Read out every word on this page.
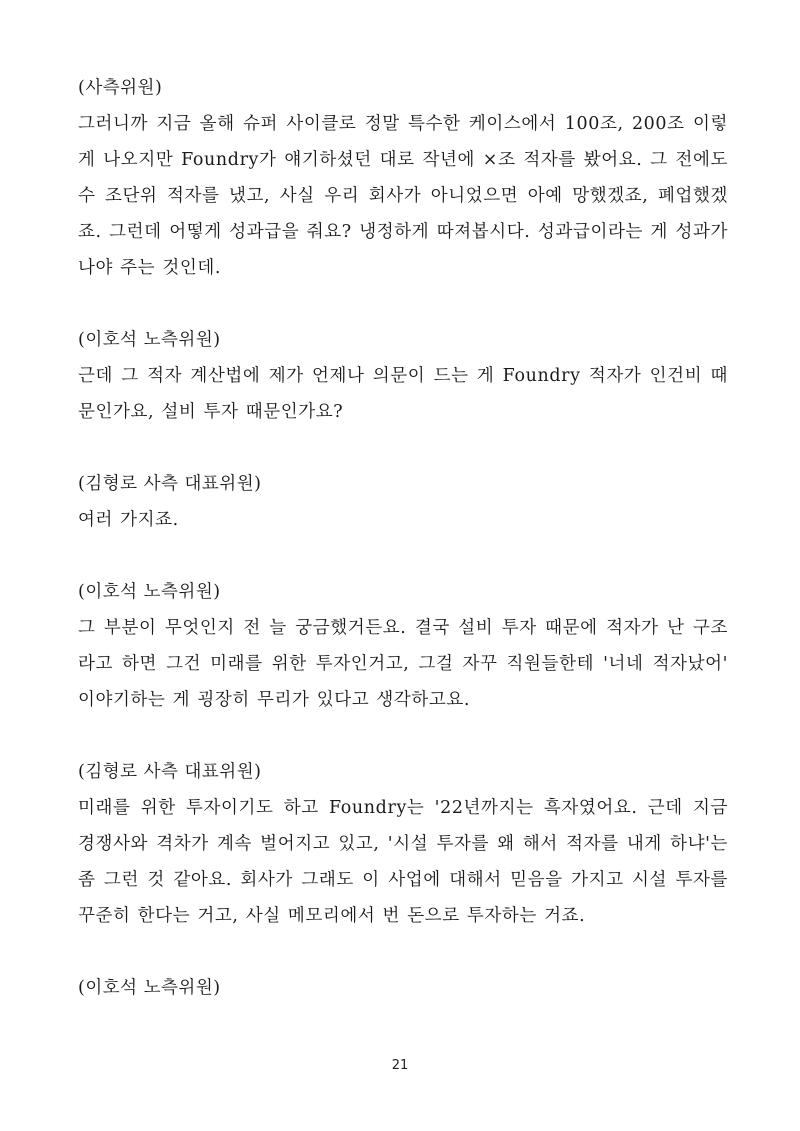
(사측위원)

그러니까 지금 올해 슈퍼 사이클로 정말 특수한 케이스에서 100조, 200조 이렇게 나오지만 Foundry가 얘기하셨던 대로 작년에 ×조 적자를 봤어요. 그 전에도 수 조단위 적자를 냈고, 사실 우리 회사가 아니었으면 아예 망했겠죠, 폐업했겠죠. 그런데 어떻게 성과급을 줘요? 냉정하게 따져봅시다. 성과급이라는 게 성과가 나야 주는 것인데.

(이호석 노측위원)

근데 그 적자 계산법에 제가 언제나 의문이 드는 게 Foundry 적자가 인건비 때문인가요, 설비 투자 때문인가요?

(김형로 사측 대표위원)

여러 가지죠.

(이호석 노측위원)

그 부분이 무엇인지 전 늘 궁금했거든요. 결국 설비 투자 때문에 적자가 난 구조라고 하면 그건 미래를 위한 투자인거고, 그걸 자꾸 직원들한테 '너네 적자났어' 이야기하는 게 굉장히 무리가 있다고 생각하고요.

(김형로 사측 대표위원)

미래를 위한 투자이기도 하고 Foundry는 '22년까지는 흑자였어요. 근데 지금 경쟁사와 격차가 계속 벌어지고 있고, '시설 투자를 왜 해서 적자를 내게 하냐'는 좀 그런 것 같아요. 회사가 그래도 이 사업에 대해서 믿음을 가지고 시설 투자를 꾸준히 한다는 거고, 사실 메모리에서 번 돈으로 투자하는 거죠.

(이호석 노측위원)
21
